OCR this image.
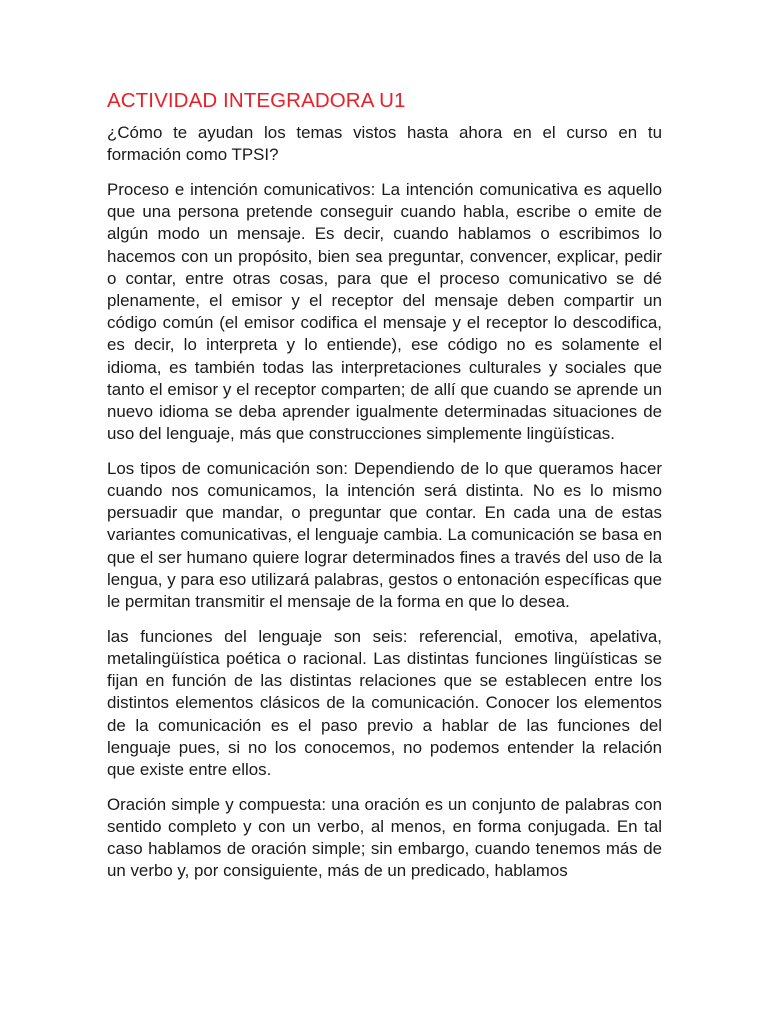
ACTIVIDAD INTEGRADORA U1

¿Cómo te ayudan los temas vistos hasta ahora en el curso en tu formación como TPSI?

Proceso e intención comunicativos: La intención comunicativa es aquello que una persona pretende conseguir cuando habla, escribe o emite de algún modo un mensaje. Es decir, cuando hablamos o escribimos lo hacemos con un propósito, bien sea preguntar, convencer, explicar, pedir o contar, entre otras cosas, para que el proceso comunicativo se dé plenamente, el emisor y el receptor del mensaje deben compartir un código común (el emisor codifica el mensaje y el receptor lo descodifica, es decir, lo interpreta y lo entiende), ese código no es solamente el idioma, es también todas las interpretaciones culturales y sociales que tanto el emisor y el receptor comparten; de allí que cuando se aprende un nuevo idioma se deba aprender igualmente determinadas situaciones de uso del lenguaje, más que construcciones simplemente lingüísticas.

Los tipos de comunicación son: Dependiendo de lo que queramos hacer cuando nos comunicamos, la intención será distinta. No es lo mismo persuadir que mandar, o preguntar que contar. En cada una de estas variantes comunicativas, el lenguaje cambia. La comunicación se basa en que el ser humano quiere lograr determinados fines a través del uso de la lengua, y para eso utilizará palabras, gestos o entonación específicas que le permitan transmitir el mensaje de la forma en que lo desea.

las funciones del lenguaje son seis: referencial, emotiva, apelativa, metalingüística poética o racional. Las distintas funciones lingüísticas se fijan en función de las distintas relaciones que se establecen entre los distintos elementos clásicos de la comunicación. Conocer los elementos de la comunicación es el paso previo a hablar de las funciones del lenguaje pues, si no los conocemos, no podemos entender la relación que existe entre ellos.

Oración simple y compuesta: una oración es un conjunto de palabras con sentido completo y con un verbo, al menos, en forma conjugada. En tal caso hablamos de oración simple; sin embargo, cuando tenemos más de un verbo y, por consiguiente, más de un predicado, hablamos
